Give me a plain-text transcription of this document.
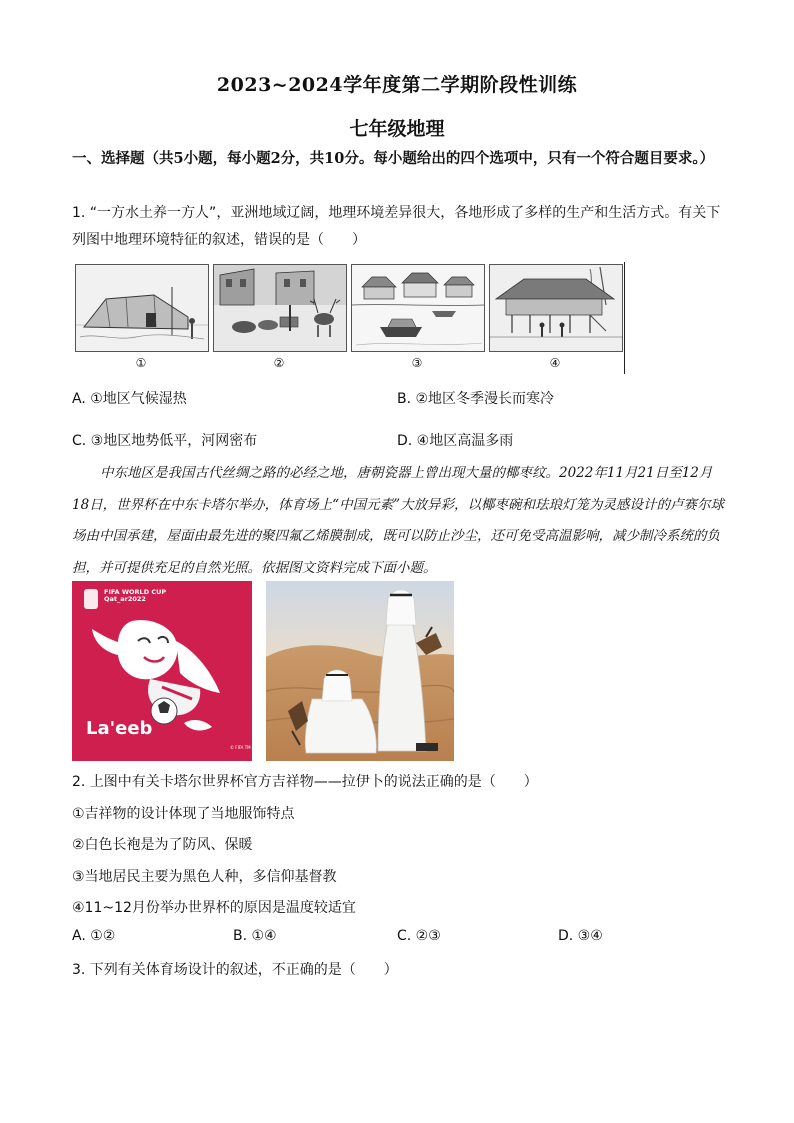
2023~2024学年度第二学期阶段性训练
七年级地理
一、选择题（共5小题，每小题2分，共10分。每小题给出的四个选项中，只有一个符合题目要求。）
1. “一方水土养一方人”，亚洲地域辽阔，地理环境差异很大，各地形成了多样的生产和生活方式。有关下列图中地理环境特征的叙述，错误的是（　　）
①	②	③	④
A. ①地区气候湿热	B. ②地区冬季漫长而寒冷
C. ③地区地势低平，河网密布	D. ④地区高温多雨
中东地区是我国古代丝绸之路的必经之地，唐朝瓷器上曾出现大量的椰枣纹。2022年11月21日至12月18日，世界杯在中东卡塔尔举办，体育场上“中国元素”大放异彩，以椰枣碗和珐琅灯笼为灵感设计的卢赛尔球场由中国承建，屋面由最先进的聚四氟乙烯膜制成，既可以防止沙尘，还可免受高温影响，减少制冷系统的负担，并可提供充足的自然光照。依据图文资料完成下面小题。
© FIFA TM
FIFA WORLD CUP
Qat_ar2022
La'eeb
2. 上图中有关卡塔尔世界杯官方吉祥物——拉伊卜的说法正确的是（　　）
①吉祥物的设计体现了当地服饰特点
②白色长袍是为了防风、保暖
③当地居民主要为黑色人种，多信仰基督教
④11~12月份举办世界杯的原因是温度较适宜
A. ①②	B. ①④	C. ②③	D. ③④
3. 下列有关体育场设计的叙述，不正确的是（　　）
